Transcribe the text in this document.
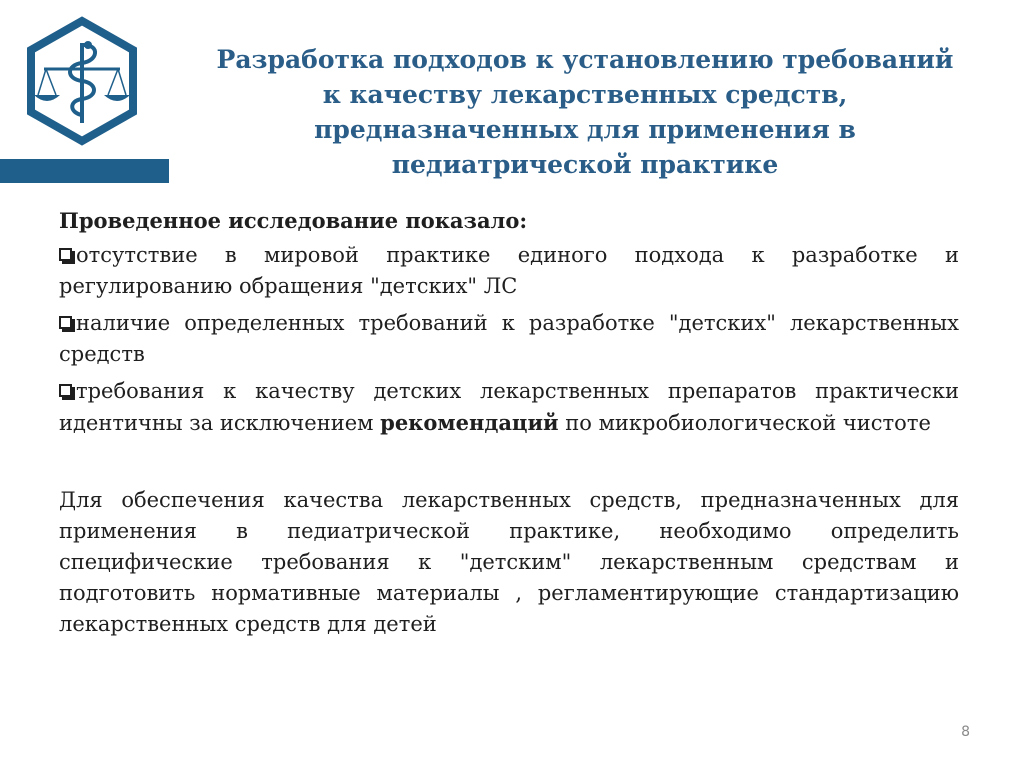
Разработка подходов к установлению требований
к качеству лекарственных средств,
предназначенных для применения в
педиатрической практике

Проведенное исследование показало:

отсутствие в мировой практике единого подхода к разработке и регулированию обращения "детских" ЛС

наличие определенных требований к разработке "детских" лекарственных средств

требования к качеству детских лекарственных препаратов практически идентичны за исключением рекомендаций по микробиологической чистоте

Для обеспечения качества лекарственных средств, предназначенных для применения в педиатрической практике, необходимо определить специфические требования к "детским" лекарственным средствам и подготовить нормативные материалы , регламентирующие стандартизацию лекарственных средств для детей

8
